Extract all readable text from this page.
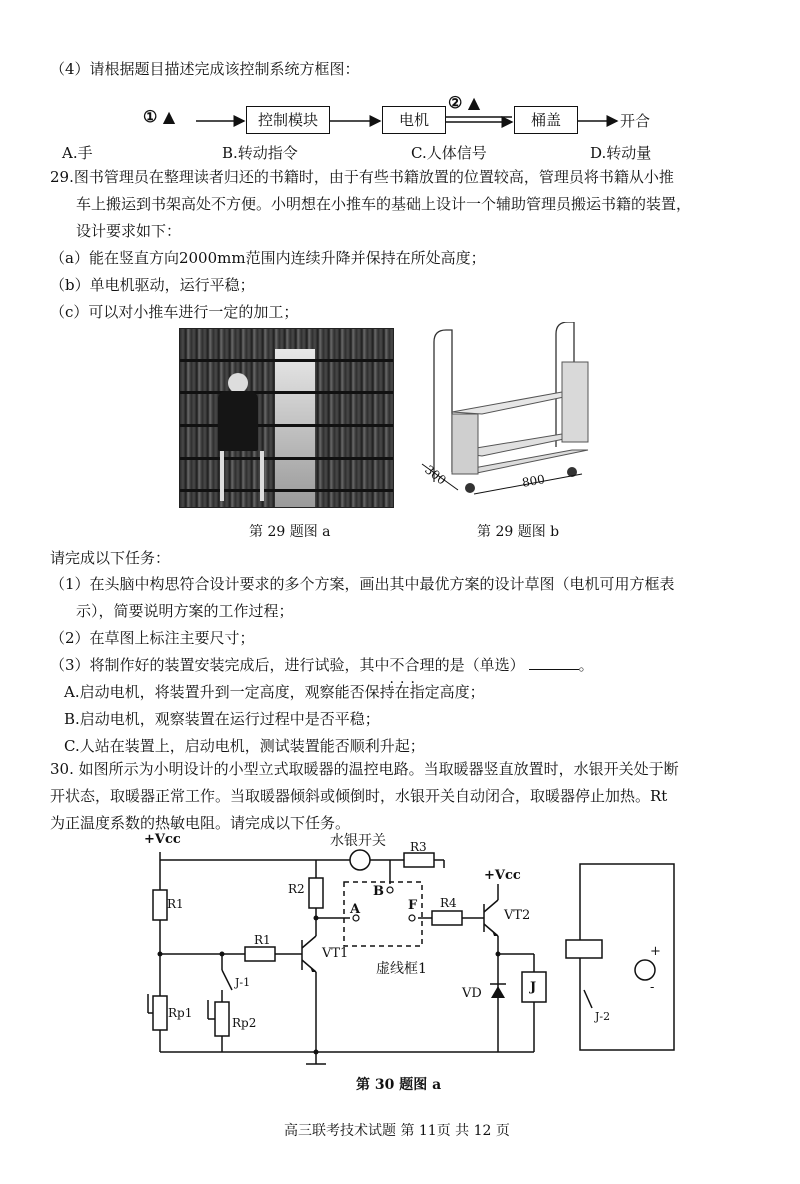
（4）请根据题目描述完成该控制系统方框图：
① ▲	控制模块	电机
② ▲
桶盖	开合
A.手	B.转动指令	C.人体信号	D.转动量
29.图书管理员在整理读者归还的书籍时，由于有些书籍放置的位置较高，管理员将书籍从小推
车上搬运到书架高处不方便。小明想在小推车的基础上设计一个辅助管理员搬运书籍的装置，
设计要求如下：
（a）能在竖直方向2000mm范围内连续升降并保持在所处高度；
（b）单电机驱动，运行平稳；
（c）可以对小推车进行一定的加工；
300	800
第 29 题图 a	第 29 题图 b
请完成以下任务：
（1）在头脑中构思符合设计要求的多个方案，画出其中最优方案的设计草图（电机可用方框表
示），简要说明方案的工作过程；
（2）在草图上标注主要尺寸；
（3）将制作好的装置安装完成后，进行试验，其中不合理 ···的是（单选）	。
A.启动电机，将装置升到一定高度，观察能否保持在指定高度；
B.启动电机，观察装置在运行过程中是否平稳；
C.人站在装置上，启动电机，测试装置能否顺利升起；
30. 如图所示为小明设计的小型立式取暖器的温控电路。当取暖器竖直放置时，水银开关处于断
开状态，取暖器正常工作。当取暖器倾斜或倾倒时，水银开关自动闭合，取暖器停止加热。Rt
为正温度系数的热敏电阻。请完成以下任务。
+Vcc	水银开关 R3
+Vcc
R2
R1
R1
R4
A
B
F
VT1
VT2
虚线框1
VD	J
J-1
J-2
Rp1
Rp2
+
-
第 30 题图 a
高三联考技术试题 第 11页 共 12 页
